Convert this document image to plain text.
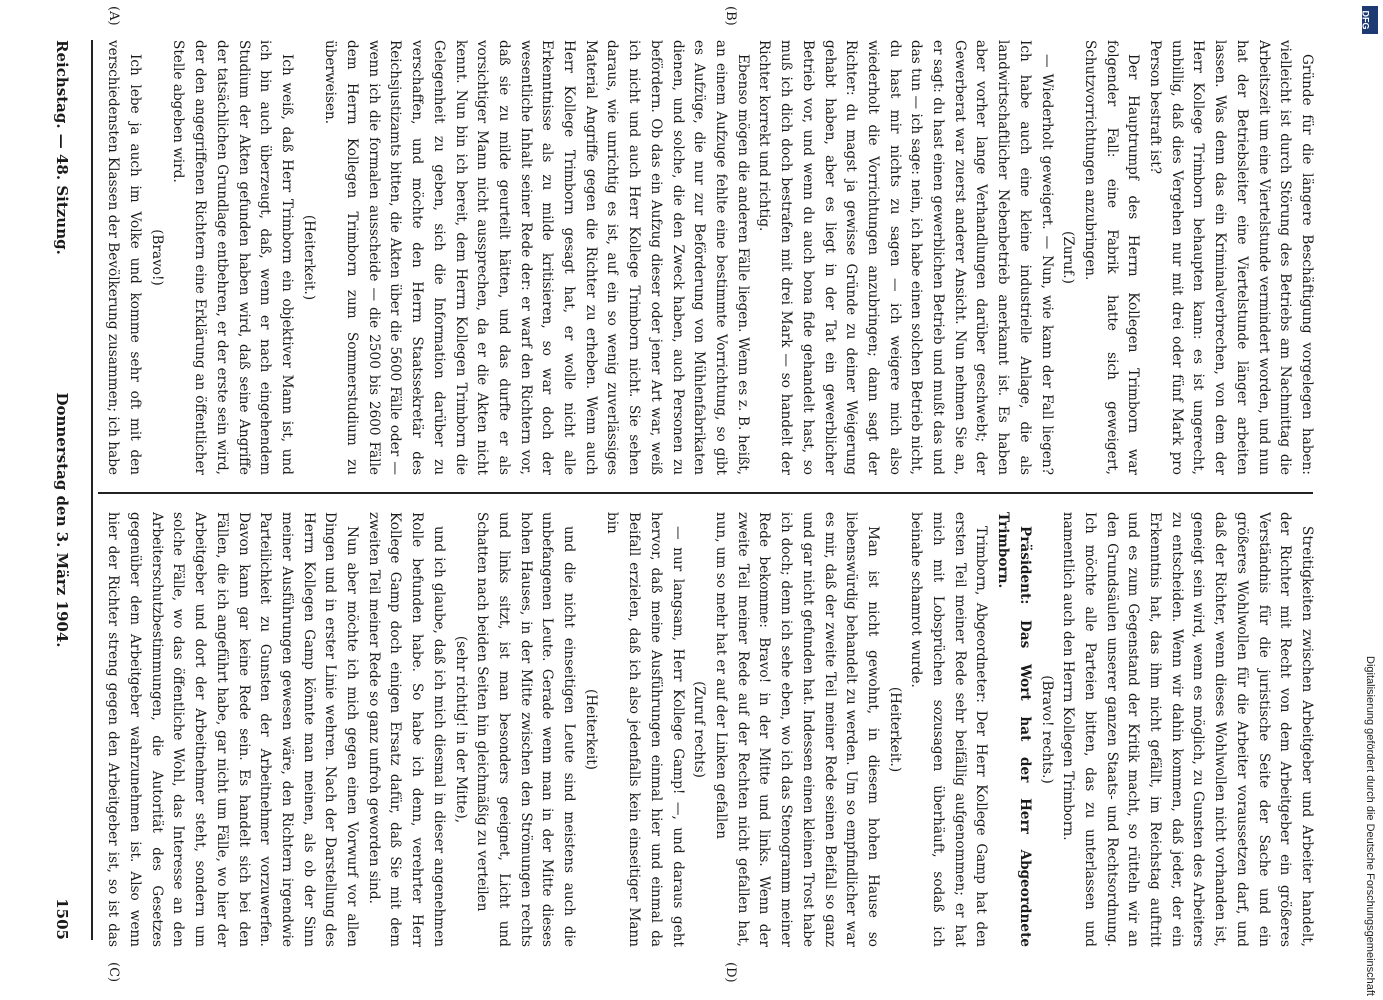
Reichstag. — 48. Sitzung.
Donnerstag den 3. März 1904.
1505

Gründe für die längere Beschäftigung vorgelegen haben: vielleicht ist durch Störung des Betriebs am Nachmittag die Arbeitszeit um eine Viertelstunde vermindert worden, und nun hat der Betriebsleiter eine Viertelstunde länger arbeiten lassen. Was denn das ein Kriminalverbrechen, von dem der Herr Kollege Trimborn behaupten kann: es ist ungerecht, unbillig, daß dies Vergehen nur mit drei oder fünf Mark pro Person bestraft ist?

Der Hauptrumpf des Herrn Kollegen Trimborn war folgender Fall: eine Fabrik hatte sich geweigert, Schutzvorrichtungen anzubringen.

(Zuruf.)

— Wiederholt geweigert. — Nun, wie kann der Fall liegen? Ich habe auch eine kleine industrielle Anlage, die als landwirtschaftlicher Nebenbetrieb anerkannt ist. Es haben aber vorher lange Verhandlungen darüber geschwebt; der Gewerberat war zuerst anderer Ansicht. Nun nehmen Sie an, er sagt: du hast einen gewerblichen Betrieb und mußt das und das tun — ich sage: nein, ich habe einen solchen Betrieb nicht, du hast mir nichts zu sagen — ich weigere mich also wiederholt die Vorrichtungen anzubringen; dann sagt der Richter: du magst ja gewisse Gründe zu deiner Weigerung gehabt haben, aber es liegt in der Tat ein gewerblicher Betrieb vor, und wenn du auch bona fide gehandelt hast, so muß ich dich doch bestrafen mit drei Mark — so handelt der Richter korrekt und richtig.

Ebenso mögen die anderen Fälle liegen. Wenn es z. B. heißt, an einem Aufzuge fehlte eine bestimmte Vorrichtung, so gibt es Aufzüge, die nur zur Beförderung von Mühlenfabrikaten dienen, und solche, die den Zweck haben, auch Personen zu befördern. Ob das ein Aufzug dieser oder jener Art war, weiß ich nicht und auch Herr Kollege Trimborn nicht. Sie sehen daraus, wie unrichtig es ist, auf ein so wenig zuverlässiges Material Angriffe gegen die Richter zu erheben. Wenn auch Herr Kollege Trimborn gesagt hat, er wolle nicht alle Erkenntnisse als zu milde kritisieren, so war doch der wesentliche Inhalt seiner Rede der: er warf den Richtern vor, daß sie zu milde geurteilt hätten, und das durfte er als vorsichtiger Mann nicht aussprechen, da er die Akten nicht kennt. Nun bin ich bereit, dem Herrn Kollegen Trimborn die Gelegenheit zu geben, sich die Information darüber zu verschaffen, und möchte den Herrn Staatssekretär des Reichsjustizamts bitten, die Akten über die 5600 Fälle oder — wenn ich die formalen ausscheide — die 2500 bis 2600 Fälle dem Herrn Kollegen Trimborn zum Sommerstudium zu überweisen.

(Heiterkeit.)

Ich weiß, daß Herr Trimborn ein objektiver Mann ist, und ich bin auch überzeugt, daß, wenn er nach eingehendem Studium der Akten gefunden haben wird, daß seine Angriffe der tatsächlichen Grundlage entbehren, er der erste sein wird, der den angegriffenen Richtern eine Erklärung an öffentlicher Stelle abgeben wird.

(Bravo!)

Ich lebe ja auch im Volke und komme sehr oft mit den verschiedensten Klassen der Bevölkerung zusammen; ich habe

Streitigkeiten zwischen Arbeitgeber und Arbeiter handelt, der Richter mit Recht von dem Arbeitgeber ein größeres Verständnis für die juristische Seite der Sache und ein größeres Wohlwollen für die Arbeiter voraussetzen darf, und daß der Richter, wenn dieses Wohlwollen nicht vorhanden ist, geneigt sein wird, wenn es möglich, zu Gunsten des Arbeiters zu entscheiden. Wenn wir dahin kommen, daß jeder, der ein Erkenntnis hat, das ihm nicht gefällt, im Reichstag auftritt und es zum Gegenstand der Kritik macht, so rütteln wir an den Grundsäulen unserer ganzen Staats- und Rechtsordnung. Ich möchte alle Parteien bitten, das zu unterlassen und namentlich auch den Herrn Kollegen Trimborn.

(Bravo! rechts.)

Präsident: Das Wort hat der Herr Abgeordnete Trimborn.

Trimborn, Abgeordneter: Der Herr Kollege Gamp hat den ersten Teil meiner Rede sehr beifällig aufgenommen; er hat mich mit Lobsprüchen sozusagen überhäuft, sodaß ich beinahe schamrot wurde.

(Heiterkeit.)

Man ist nicht gewohnt, in diesem hohen Hause so liebenswürdig behandelt zu werden. Um so empfindlicher war es mir, daß der zweite Teil meiner Rede seinen Beifall so ganz und gar nicht gefunden hat. Indessen einen kleinen Trost habe ich doch; denn ich sehe eben, wo ich das Stenogramm meiner Rede bekomme: Bravo! in der Mitte und links. Wenn der zweite Teil meiner Rede auf der Rechten nicht gefallen hat, nun, um so mehr hat er auf der Linken gefallen

(Zuruf rechts)

— nur langsam, Herr Kollege Gamp! —, und daraus geht hervor, daß meine Ausführungen einmal hier und einmal da Beifall erzielen, daß ich also jedenfalls kein einseitiger Mann bin

(Heiterkeit)

und die nicht einseitigen Leute sind meistens auch die unbefangenen Leute. Gerade wenn man in der Mitte dieses hohen Hauses, in der Mitte zwischen den Strömungen rechts und links sitzt, ist man besonders geeignet, Licht und Schatten nach beiden Seiten hin gleichmäßig zu verteilen

(sehr richtig! in der Mitte),

und ich glaube, daß ich mich diesmal in dieser angenehmen Rolle befunden habe. So habe ich denn, verehrter Herr Kollege Gamp doch einigen Ersatz dafür, daß Sie mit dem zweiten Teil meiner Rede so ganz unfroh geworden sind.

Nun aber möchte ich mich gegen einen Vorwurf vor allen Dingen und in erster Linie wehren. Nach der Darstellung des Herrn Kollegen Gamp könnte man meinen, als ob der Sinn meiner Ausführungen gewesen wäre, den Richtern irgendwie Parteilichkeit zu Gunsten der Arbeitnehmer vorzuwerfen. Davon kann gar keine Rede sein. Es handelt sich bei den Fällen, die ich angeführt habe, gar nicht um Fälle, wo hier der Arbeitgeber und dort der Arbeitnehmer steht, sondern um solche Fälle, wo das öffentliche Wohl, das Interesse an den Arbeiterschutzbestimmungen, die Autorität des Gesetzes gegenüber dem Arbeitgeber wahrzunehmen ist. Also wenn hier der Richter streng gegen den Arbeitgeber ist, so ist das

(A)	(B)
(C)	(D)
DFG
Digitalisierung gefördert durch die Deutsche Forschungsgemeinschaft
